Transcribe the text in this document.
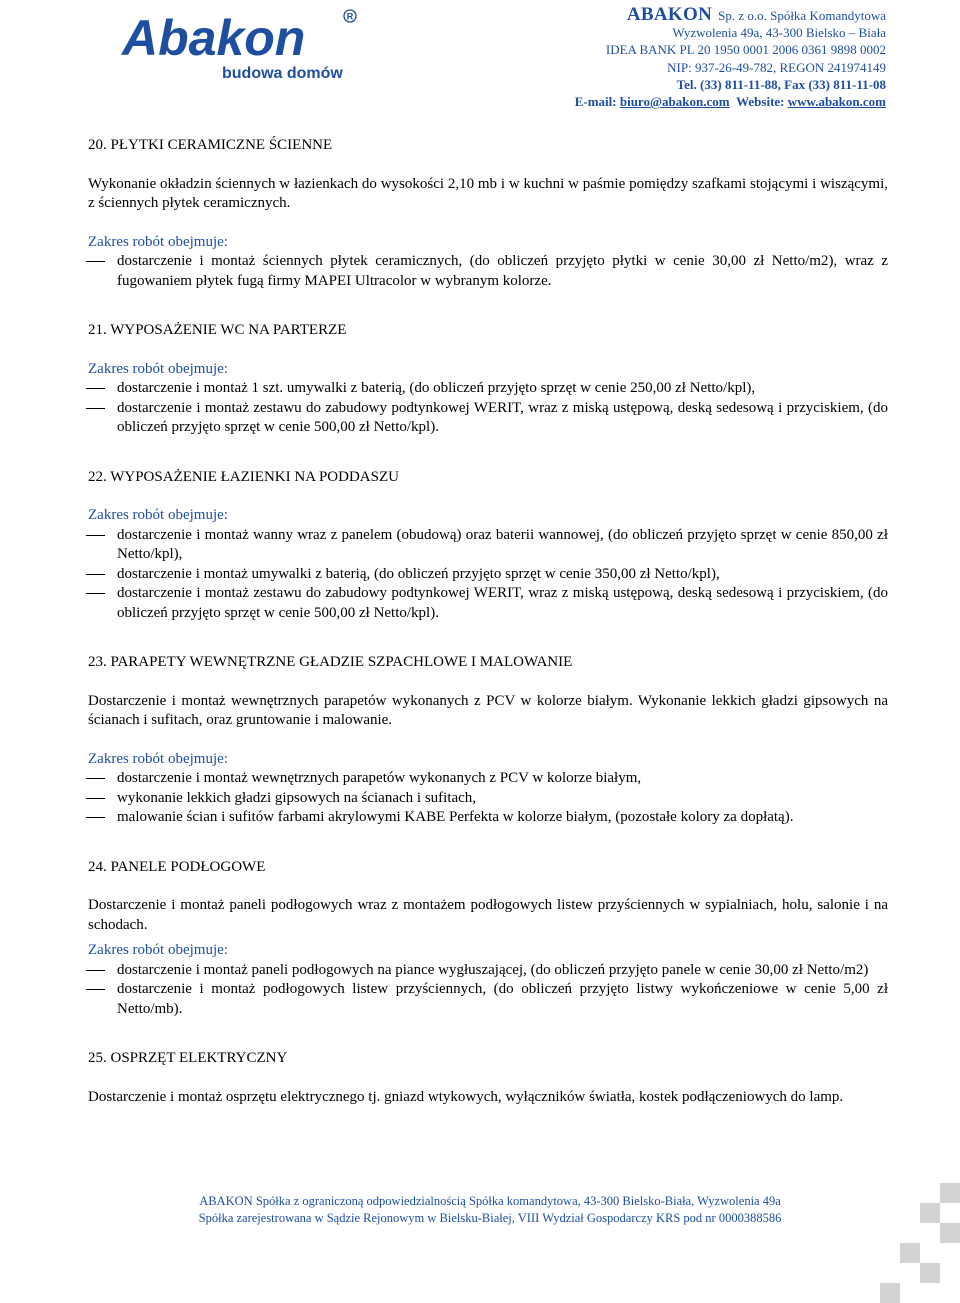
Abakon	R
budowa domów
ABAKON Sp. z o.o. Spółka Komandytowa
Wyzwolenia 49a, 43-300 Bielsko – Biała
IDEA BANK PL 20 1950 0001 2006 0361 9898 0002
NIP: 937-26-49-782, REGON 241974149
Tel. (33) 811-11-88, Fax (33) 811-11-08
E-mail: biuro@abakon.com Website: www.abakon.com
20. PŁYTKI CERAMICZNE ŚCIENNE

Wykonanie okładzin ściennych w łazienkach do wysokości 2,10 mb i w kuchni w paśmie pomiędzy szafkami stojącymi i wiszącymi, z ściennych płytek ceramicznych.

Zakres robót obejmuje:
dostarczenie i montaż ściennych płytek ceramicznych, (do obliczeń przyjęto płytki w cenie 30,00 zł Netto/m2), wraz z fugowaniem płytek fugą firmy MAPEI Ultracolor w wybranym kolorze.
21. WYPOSAŻENIE WC NA PARTERZE
Zakres robót obejmuje:
dostarczenie i montaż 1 szt. umywalki z baterią, (do obliczeń przyjęto sprzęt w cenie 250,00 zł Netto/kpl),
dostarczenie i montaż zestawu do zabudowy podtynkowej WERIT, wraz z miską ustępową, deską sedesową i przyciskiem, (do obliczeń przyjęto sprzęt w cenie 500,00 zł Netto/kpl).
22. WYPOSAŻENIE ŁAZIENKI NA PODDASZU
Zakres robót obejmuje:
dostarczenie i montaż wanny wraz z panelem (obudową) oraz baterii wannowej, (do obliczeń przyjęto sprzęt w cenie 850,00 zł Netto/kpl),
dostarczenie i montaż umywalki z baterią, (do obliczeń przyjęto sprzęt w cenie 350,00 zł Netto/kpl),
dostarczenie i montaż zestawu do zabudowy podtynkowej WERIT, wraz z miską ustępową, deską sedesową i przyciskiem, (do obliczeń przyjęto sprzęt w cenie 500,00 zł Netto/kpl).
23. PARAPETY WEWNĘTRZNE GŁADZIE SZPACHLOWE I MALOWANIE

Dostarczenie i montaż wewnętrznych parapetów wykonanych z PCV w kolorze białym. Wykonanie lekkich gładzi gipsowych na ścianach i sufitach, oraz gruntowanie i malowanie.

Zakres robót obejmuje:
dostarczenie i montaż wewnętrznych parapetów wykonanych z PCV w kolorze białym,
wykonanie lekkich gładzi gipsowych na ścianach i sufitach,
malowanie ścian i sufitów farbami akrylowymi KABE Perfekta w kolorze białym, (pozostałe kolory za dopłatą).
24. PANELE PODŁOGOWE

Dostarczenie i montaż paneli podłogowych wraz z montażem podłogowych listew przyściennych w sypialniach, holu, salonie i na schodach.

Zakres robót obejmuje:
dostarczenie i montaż paneli podłogowych na piance wygłuszającej, (do obliczeń przyjęto panele w cenie 30,00 zł Netto/m2)
dostarczenie i montaż podłogowych listew przyściennych, (do obliczeń przyjęto listwy wykończeniowe w cenie 5,00 zł Netto/mb).
25. OSPRZĘT ELEKTRYCZNY

Dostarczenie i montaż osprzętu elektrycznego tj. gniazd wtykowych, wyłączników światła, kostek podłączeniowych do lamp.

ABAKON Spółka z ograniczoną odpowiedzialnością Spółka komandytowa, 43-300 Bielsko-Biała, Wyzwolenia 49a
Spółka zarejestrowana w Sądzie Rejonowym w Bielsku-Białej, VIII Wydział Gospodarczy KRS pod nr 0000388586
